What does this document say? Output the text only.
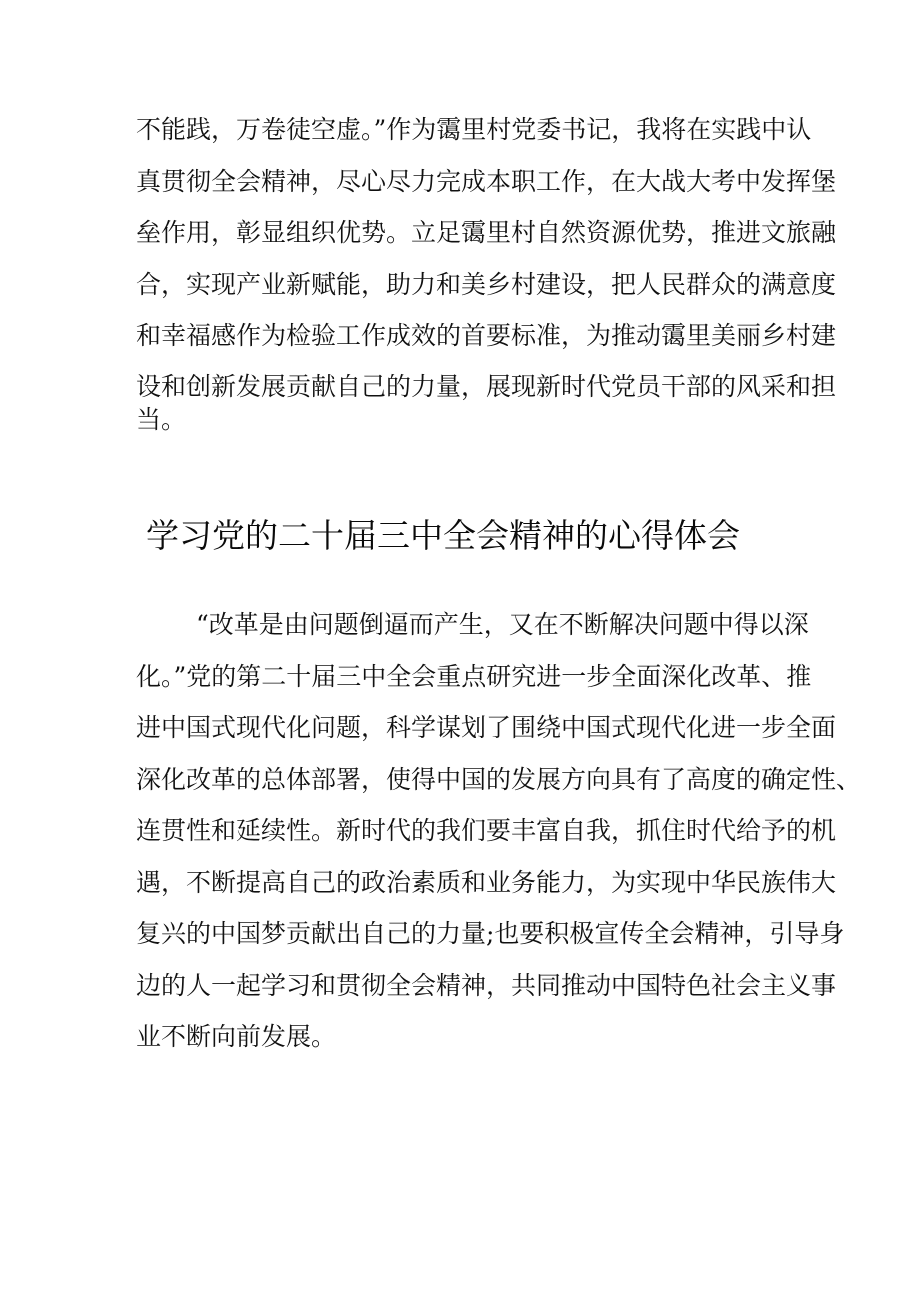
不能践，万卷徒空虚。”作为霭里村党委书记，我将在实践中认

真贯彻全会精神，尽心尽力完成本职工作，在大战大考中发挥堡

垒作用，彰显组织优势。立足霭里村自然资源优势，推进文旅融

合，实现产业新赋能，助力和美乡村建设，把人民群众的满意度

和幸福感作为检验工作成效的首要标准，为推动霭里美丽乡村建

设和创新发展贡献自己的力量，展现新时代党员干部的风采和担

当。

学习党的二十届三中全会精神的心得体会

“改革是由问题倒逼而产生，又在不断解决问题中得以深

化。”党的第二十届三中全会重点研究进一步全面深化改革、推

进中国式现代化问题，科学谋划了围绕中国式现代化进一步全面

深化改革的总体部署，使得中国的发展方向具有了高度的确定性、

连贯性和延续性。新时代的我们要丰富自我，抓住时代给予的机

遇，不断提高自己的政治素质和业务能力，为实现中华民族伟大

复兴的中国梦贡献出自己的力量;也要积极宣传全会精神，引导身

边的人一起学习和贯彻全会精神，共同推动中国特色社会主义事

业不断向前发展。
